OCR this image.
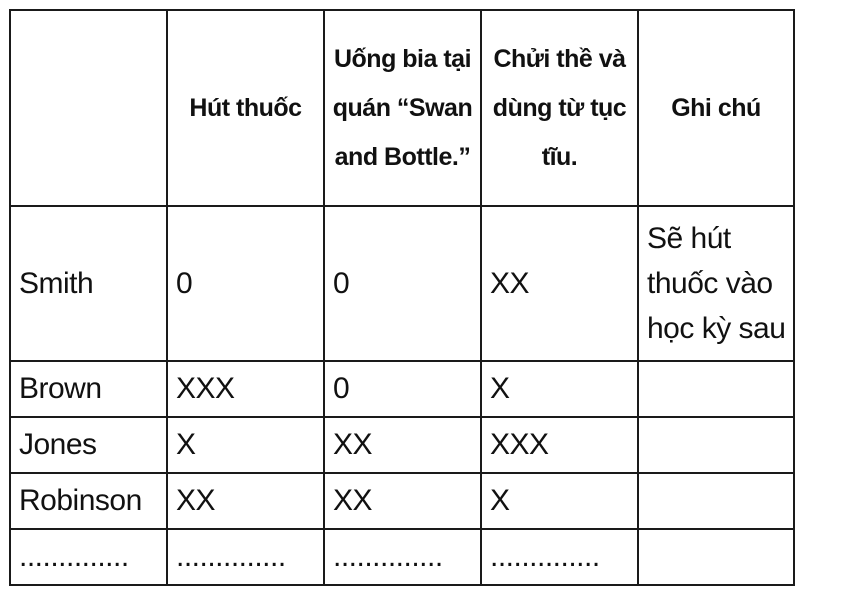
	Hút thuốc	Uống bia tại quán “Swan and Bottle.”	Chửi thề và dùng từ tục tĩu.	Ghi chú
Smith	0	0	XX	Sẽ hút thuốc vào học kỳ sau
Brown	XXX	0	X	
Jones	X	XX	XXX	
Robinson	XX	XX	X	
..............	..............	..............	..............	
